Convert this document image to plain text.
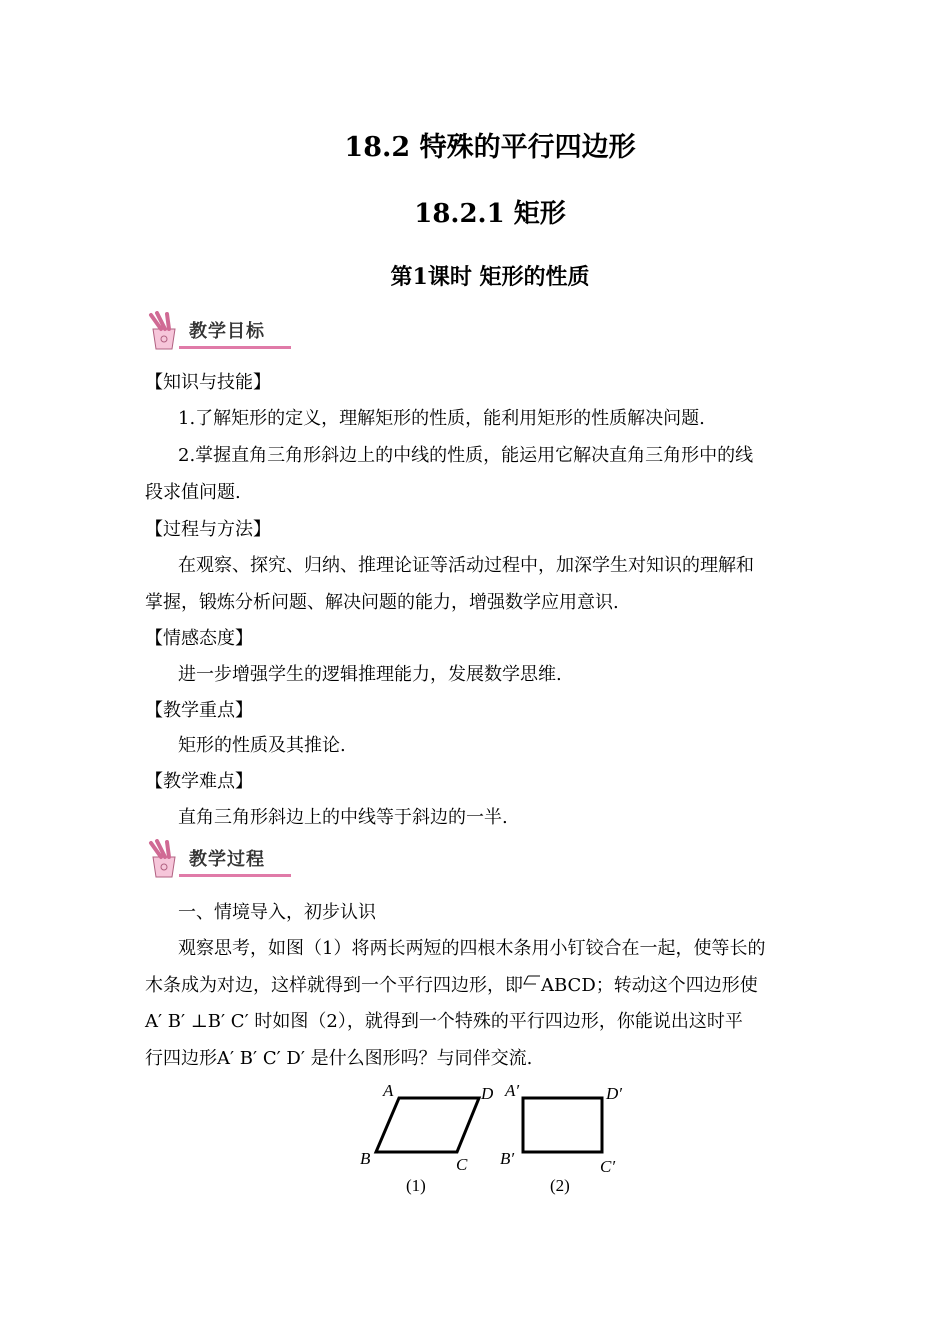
18.2 特殊的平行四边形
18.2.1 矩形
第1课时 矩形的性质
教学目标
【知识与技能】
1.了解矩形的定义，理解矩形的性质，能利用矩形的性质解决问题.
2.掌握直角三角形斜边上的中线的性质，能运用它解决直角三角形中的线
段求值问题.
【过程与方法】
在观察、探究、归纳、推理论证等活动过程中，加深学生对知识的理解和
掌握，锻炼分析问题、解决问题的能力，增强数学应用意识.
【情感态度】
进一步增强学生的逻辑推理能力，发展数学思维.
【教学重点】
矩形的性质及其推论.
【教学难点】
直角三角形斜边上的中线等于斜边的一半.
教学过程
一、情境导入，初步认识
观察思考，如图（1）将两长两短的四根木条用小钉铰合在一起，使等长的
木条成为对边，这样就得到一个平行四边形，即 ABCD；转动这个四边形使
A′ B′ ⊥B′ C′ 时如图（2），就得到一个特殊的平行四边形，你能说出这时平
行四边形A′ B′ C′ D′ 是什么图形吗？与同伴交流.
A	D
B	C
(1)
A′	D′
B′	C′
(2)
